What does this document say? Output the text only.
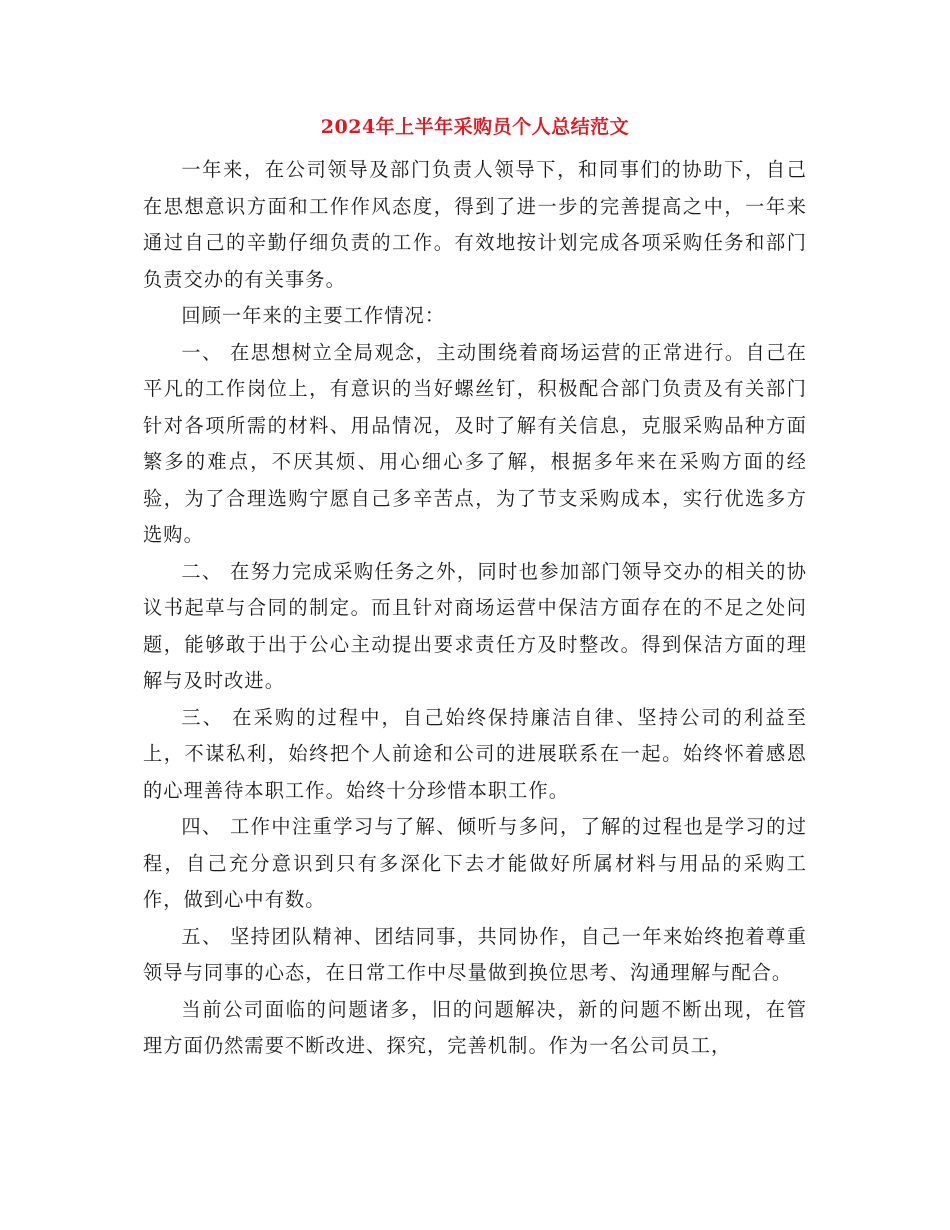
2024年上半年采购员个人总结范文

一年来，在公司领导及部门负责人领导下，和同事们的协助下，自己在思想意识方面和工作作风态度，得到了进一步的完善提高之中，一年来通过自己的辛勤仔细负责的工作。有效地按计划完成各项采购任务和部门负责交办的有关事务。

回顾一年来的主要工作情况：

一、 在思想树立全局观念，主动围绕着商场运营的正常进行。自己在平凡的工作岗位上，有意识的当好螺丝钉，积极配合部门负责及有关部门针对各项所需的材料、用品情况，及时了解有关信息，克服采购品种方面繁多的难点，不厌其烦、用心细心多了解，根据多年来在采购方面的经验，为了合理选购宁愿自己多辛苦点，为了节支采购成本，实行优选多方选购。

二、 在努力完成采购任务之外，同时也参加部门领导交办的相关的协议书起草与合同的制定。而且针对商场运营中保洁方面存在的不足之处问题，能够敢于出于公心主动提出要求责任方及时整改。得到保洁方面的理解与及时改进。

三、 在采购的过程中，自己始终保持廉洁自律、坚持公司的利益至上，不谋私利，始终把个人前途和公司的进展联系在一起。始终怀着感恩的心理善待本职工作。始终十分珍惜本职工作。

四、 工作中注重学习与了解、倾听与多问，了解的过程也是学习的过程，自己充分意识到只有多深化下去才能做好所属材料与用品的采购工作，做到心中有数。

五、 坚持团队精神、团结同事，共同协作，自己一年来始终抱着尊重领导与同事的心态，在日常工作中尽量做到换位思考、沟通理解与配合。

当前公司面临的问题诸多，旧的问题解决，新的问题不断出现，在管理方面仍然需要不断改进、探究，完善机制。作为一名公司员工，
